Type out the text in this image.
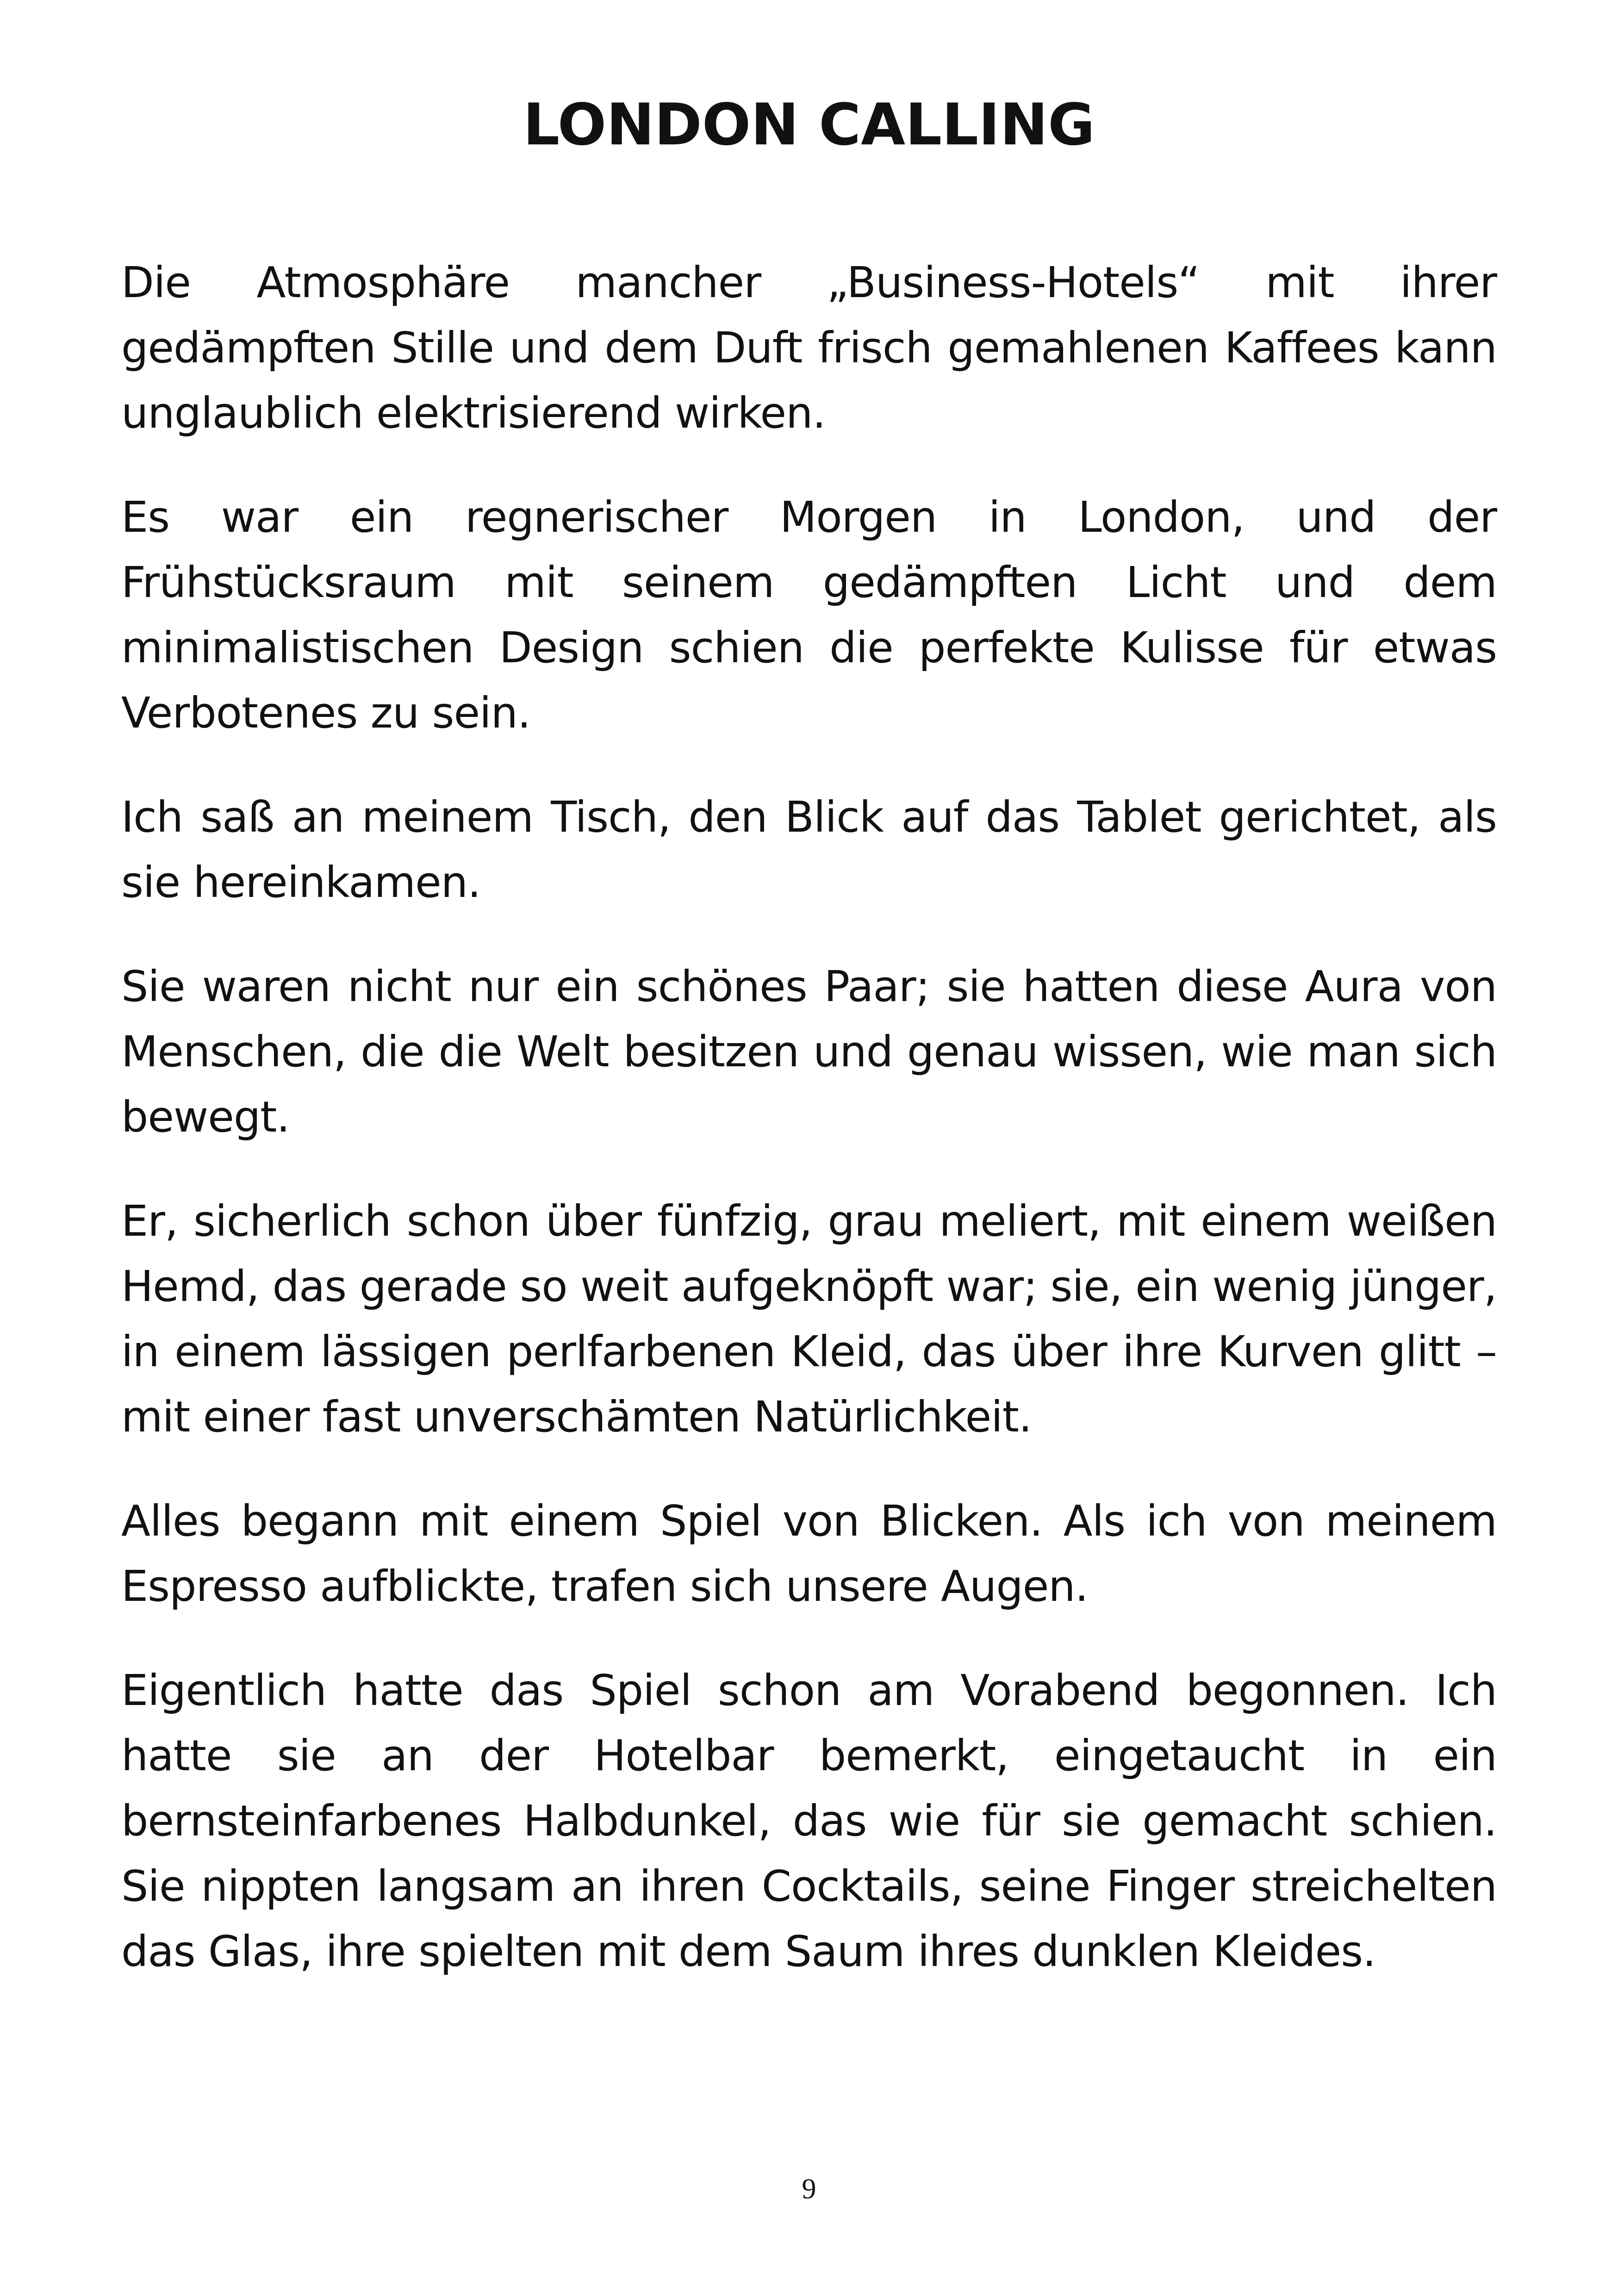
LONDON CALLING

Die Atmosphäre mancher „Business-Hotels“ mit ihrer gedämpften Stille und dem Duft frisch gemahlenen Kaffees kann unglaublich elektrisierend wirken.

Es war ein regnerischer Morgen in London, und der Frühstücksraum mit seinem gedämpften Licht und dem minimalistischen Design schien die perfekte Kulisse für etwas Verbotenes zu sein.

Ich saß an meinem Tisch, den Blick auf das Tablet gerichtet, als sie hereinkamen.

Sie waren nicht nur ein schönes Paar; sie hatten diese Aura von Menschen, die die Welt besitzen und genau wissen, wie man sich bewegt.

Er, sicherlich schon über fünfzig, grau meliert, mit einem weißen Hemd, das gerade so weit aufgeknöpft war; sie, ein wenig jünger, in einem lässigen perlfarbenen Kleid, das über ihre Kurven glitt – mit einer fast unverschämten Natürlichkeit.

Alles begann mit einem Spiel von Blicken. Als ich von meinem Espresso aufblickte, trafen sich unsere Augen.

Eigentlich hatte das Spiel schon am Vorabend begonnen. Ich hatte sie an der Hotelbar bemerkt, eingetaucht in ein bernsteinfarbenes Halbdunkel, das wie für sie gemacht schien. Sie nippten langsam an ihren Cocktails, seine Finger streichelten das Glas, ihre spielten mit dem Saum ihres dunklen Kleides.

9
